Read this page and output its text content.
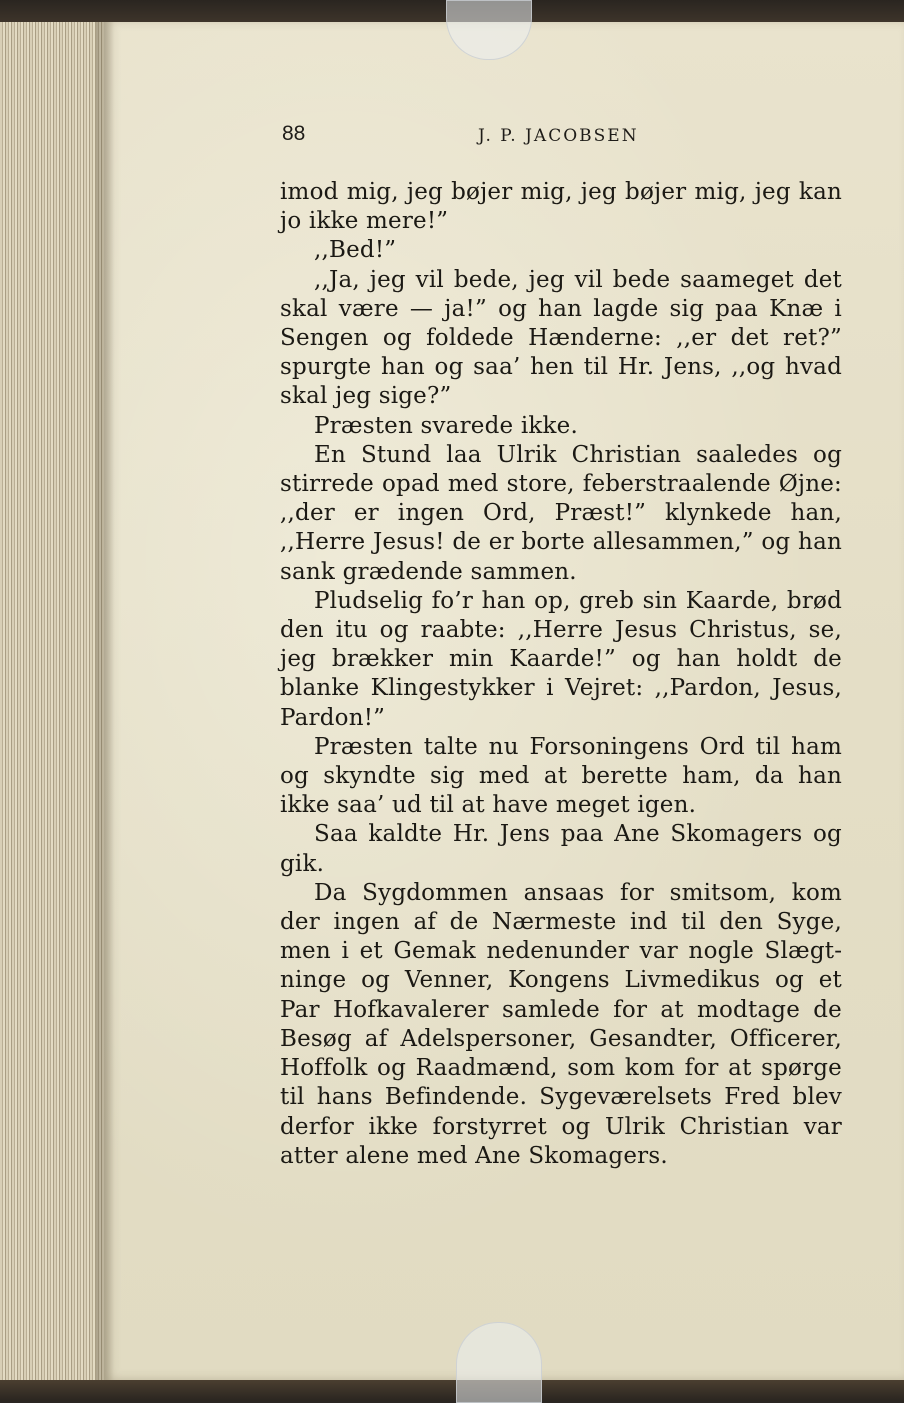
88	J. P. JACOBSEN

imod mig, jeg bøjer mig, jeg bøjer mig, jeg kan jo ikke mere!”

,,Bed!”

,,Ja, jeg vil bede, jeg vil bede saameget det skal være — ja!” og han lagde sig paa Knæ i Sengen og foldede Hænderne: ,,er det ret?” spurgte han og saa’ hen til Hr. Jens, ,,og hvad skal jeg sige?”

Præsten svarede ikke.

En Stund laa Ulrik Christian saaledes og stirrede opad med store, feberstraalende Øjne: ,,der er ingen Ord, Præst!” klynkede han, ,,Herre Jesus! de er borte allesammen,” og han sank grædende sammen.

Pludselig fo’r han op, greb sin Kaarde, brød den itu og raabte: ,,Herre Jesus Christus, se, jeg brækker min Kaarde!” og han holdt de blanke Klingestykker i Vejret: ,,Pardon, Jesus, Pardon!”

Præsten talte nu Forsoningens Ord til ham og skyndte sig med at berette ham, da han ikke saa’ ud til at have meget igen.

Saa kaldte Hr. Jens paa Ane Skomagers og gik.

Da Sygdommen ansaas for smitsom, kom der ingen af de Nærmeste ind til den Syge, men i et Gemak nedenunder var nogle Slægtninge og Venner, Kongens Livmedikus og et Par Hofkavalerer samlede for at modtage de Besøg af Adelspersoner, Gesandter, Officerer, Hoffolk og Raadmænd, som kom for at spørge til hans Befindende. Sygeværelsets Fred blev derfor ikke forstyrret og Ulrik Christian var atter alene med Ane Skomagers.
